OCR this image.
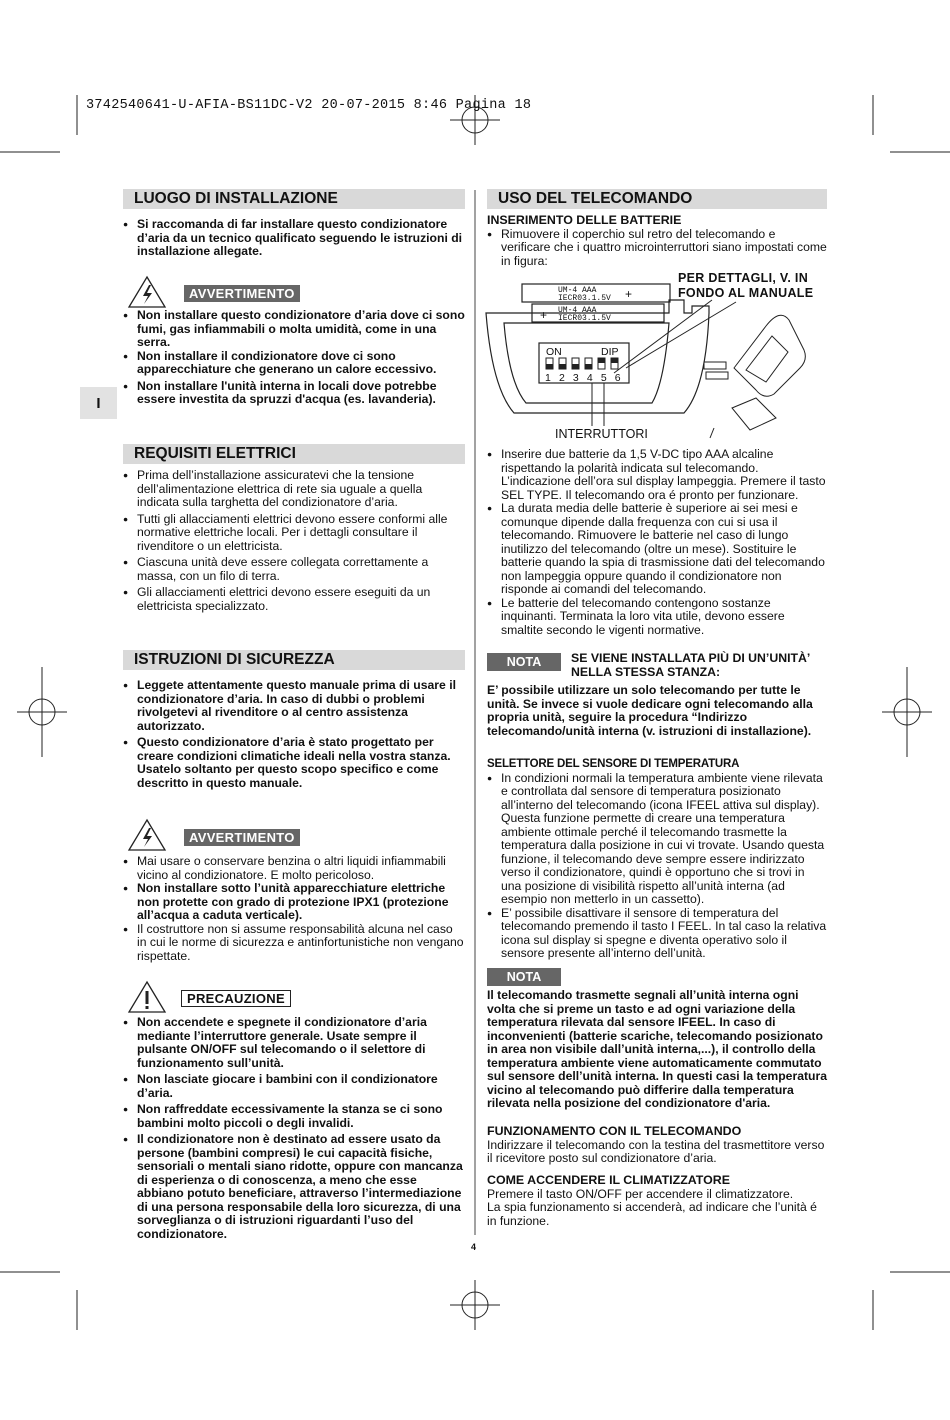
3742540641-U-AFIA-BS11DC-V2 20-07-2015 8:46 Pagina 18
I
LUOGO DI INSTALLAZIONE
● Si raccomanda di far installare questo condizionatore d’aria da un tecnico qualificato seguendo le istruzioni di installazione allegate.
AVVERTIMENTO
● Non installare questo condizionatore d’aria dove ci sono fumi, gas infiammabili o molta umidità, come in una serra.
● Non installare il condizionatore dove ci sono apparecchiature che generano un calore eccessivo.
● Non installare l'unità interna in locali dove potrebbe essere investita da spruzzi d'acqua (es. lavanderia).
REQUISITI ELETTRICI
● Prima dell’installazione assicuratevi che la tensione dell’alimentazione elettrica di rete sia uguale a quella indicata sulla targhetta del condizionatore d’aria.
● Tutti gli allacciamenti elettrici devono essere conformi alle normative elettriche locali. Per i dettagli consultare il rivenditore o un elettricista.
● Ciascuna unità deve essere collegata correttamente a massa, con un filo di terra.
● Gli allacciamenti elettrici devono essere eseguiti da un elettricista specializzato.
ISTRUZIONI DI SICUREZZA
● Leggete attentamente questo manuale prima di usare il condizionatore d’aria. In caso di dubbi o problemi rivolgetevi al rivenditore o al centro assistenza autorizzato.
● Questo condizionatore d’aria è stato progettato per creare condizioni climatiche ideali nella vostra stanza. Usatelo soltanto per questo scopo specifico e come descritto in questo manuale.
AVVERTIMENTO
● Mai usare o conservare benzina o altri liquidi infiammabili vicino al condizionatore. E molto pericoloso.
● Non installare sotto l’unità apparecchiature elettriche non protette con grado di protezione IPX1 (protezione all’acqua a caduta verticale).
● Il costruttore non si assume responsabilità alcuna nel caso in cui le norme di sicurezza e antinfortunistiche non vengano rispettate.
PRECAUZIONE
● Non accendete e spegnete il condizionatore d’aria mediante l’interruttore generale. Usate sempre il pulsante ON/OFF sul telecomando o il selettore di funzionamento sull’unità.
● Non lasciate giocare i bambini con il condizionatore d’aria.
● Non raffreddate eccessivamente la stanza se ci sono bambini molto piccoli o degli invalidi.
● Il condizionatore non è destinato ad essere usato da persone (bambini compresi) le cui capacità fisiche, sensoriali o mentali siano ridotte, oppure con mancanza di esperienza o di conoscenza, a meno che esse abbiano potuto beneficiare, attraverso l’intermediazione di una persona responsabile della loro sicurezza, di una sorveglianza o di istruzioni riguardanti l’uso del condizionatore.
USO DEL TELECOMANDO
INSERIMENTO DELLE BATTERIE
● Rimuovere il coperchio sul retro del telecomando e verificare che i quattro microinterruttori siano impostati come in figura:
PER DETTAGLI, V. IN
FONDO AL MANUALE
UM-4 AAA
IECR03.1.5V
UM-4 AAA
IECR03.1.5V
+
+
ON	DIP
1 2 3 4 5 6
INTERRUTTORI
● Inserire due batterie da 1,5 V-DC tipo AAA alcaline rispettando la polarità indicata sul telecomando. L’indicazione dell’ora sul display lampeggia. Premere il tasto SEL TYPE. Il telecomando ora é pronto per funzionare.
● La durata media delle batterie è superiore ai sei mesi e comunque dipende dalla frequenza con cui si usa il telecomando. Rimuovere le batterie nel caso di lungo inutilizzo del telecomando (oltre un mese). Sostituire le batterie quando la spia di trasmissione dati del telecomando non lampeggia oppure quando il condizionatore non risponde ai comandi del telecomando.
● Le batterie del telecomando contengono sostanze inquinanti. Terminata la loro vita utile, devono essere smaltite secondo le vigenti normative.
NOTA	SE VIENE INSTALLATA PIÙ DI UN’UNITÀ’ NELLA STESSA STANZA:
E’ possibile utilizzare un solo telecomando per tutte le unità. Se invece si vuole dedicare ogni telecomando alla propria unità, seguire la procedura “Indirizzo telecomando/unità interna (v. istruzioni di installazione).
SELETTORE DEL SENSORE DI TEMPERATURA
● In condizioni normali la temperatura ambiente viene rilevata e controllata dal sensore di temperatura posizionato all’interno del telecomando (icona IFEEL attiva sul display). Questa funzione permette di creare una temperatura ambiente ottimale perché il telecomando trasmette la temperatura dalla posizione in cui vi trovate. Usando questa funzione, il telecomando deve sempre essere indirizzato verso il condizionatore, quindi è opportuno che si trovi in una posizione di visibilità rispetto all’unità interna (ad esempio non metterlo in un cassetto).
● E’ possibile disattivare il sensore di temperatura del telecomando premendo il tasto I FEEL. In tal caso la relativa icona sul display si spegne e diventa operativo solo il sensore presente all’interno dell’unità.
NOTA
Il telecomando trasmette segnali all’unità interna ogni volta che si preme un tasto e ad ogni variazione della temperatura rilevata dal sensore IFEEL. In caso di inconvenienti (batterie scariche, telecomando posizionato in area non visibile dall’unità interna,...), il controllo della temperatura ambiente viene automaticamente commutato sul sensore dell’unità interna. In questi casi la temperatura vicino al telecomando può differire dalla temperatura rilevata nella posizione del condizionatore d'aria.
FUNZIONAMENTO CON IL TELECOMANDO

Indirizzare il telecomando con la testina del trasmettitore verso il ricevitore posto sul condizionatore d’aria.

COME ACCENDERE IL CLIMATIZZATORE

Premere il tasto ON/OFF per accendere il climatizzatore.

La spia funzionamento si accenderà, ad indicare che l’unità é in funzione.

4
